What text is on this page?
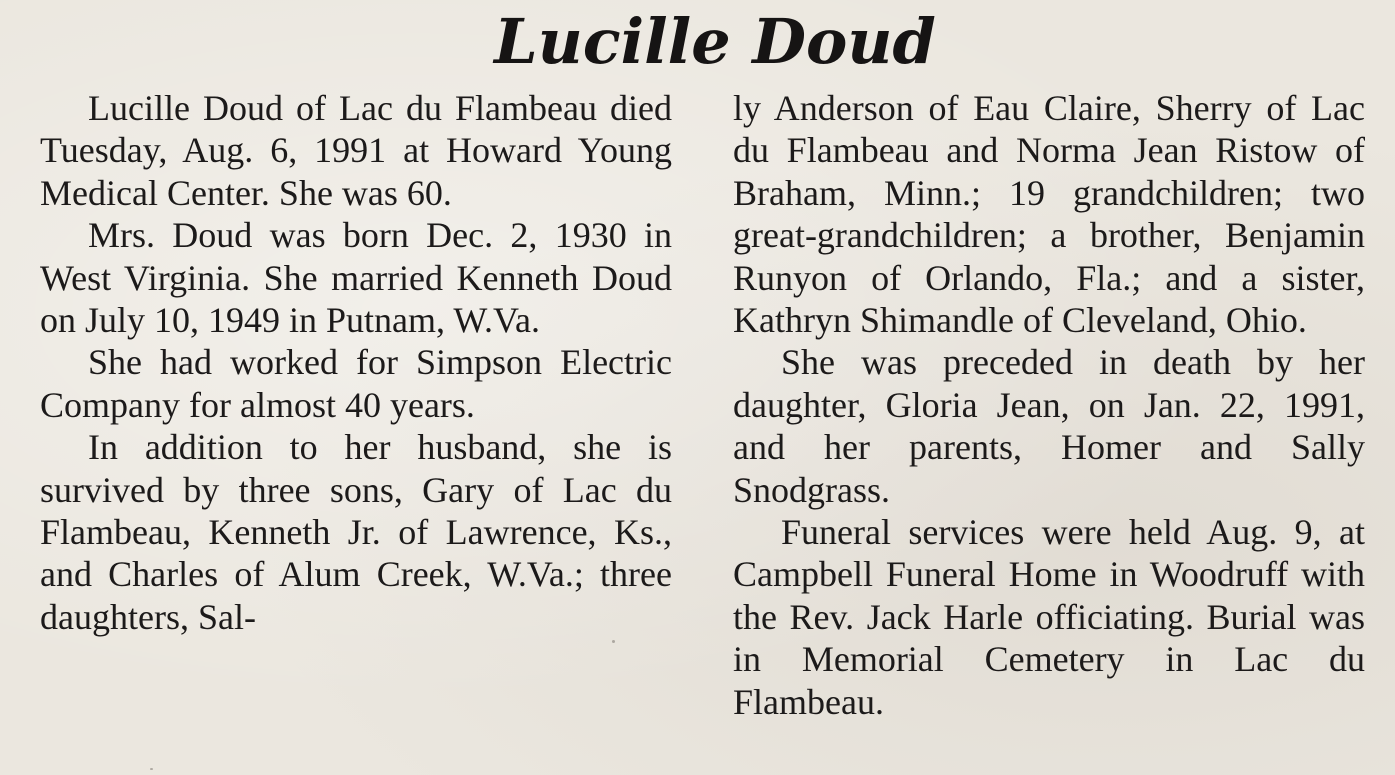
Lucille Doud

Lucille Doud of Lac du Flambeau died Tuesday, Aug. 6, 1991 at Howard Young Medical Center. She was 60.

Mrs. Doud was born Dec. 2, 1930 in West Virginia. She married Kenneth Doud on July 10, 1949 in Putnam, W.Va.

She had worked for Simpson Electric Company for almost 40 years.

In addition to her husband, she is survived by three sons, Gary of Lac du Flambeau, Kenneth Jr. of Lawrence, Ks., and Charles of Alum Creek, W.Va.; three daughters, Sal-

ly Anderson of Eau Claire, Sherry of Lac du Flambeau and Norma Jean Ristow of Braham, Minn.; 19 grandchildren; two great-grandchildren; a brother, Benjamin Runyon of Orlando, Fla.; and a sister, Kathryn Shimandle of Cleveland, Ohio.

She was preceded in death by her daughter, Gloria Jean, on Jan. 22, 1991, and her parents, Homer and Sally Snodgrass.

Funeral services were held Aug. 9, at Campbell Funeral Home in Woodruff with the Rev. Jack Harle officiating. Burial was in Memorial Cemetery in Lac du Flambeau.
